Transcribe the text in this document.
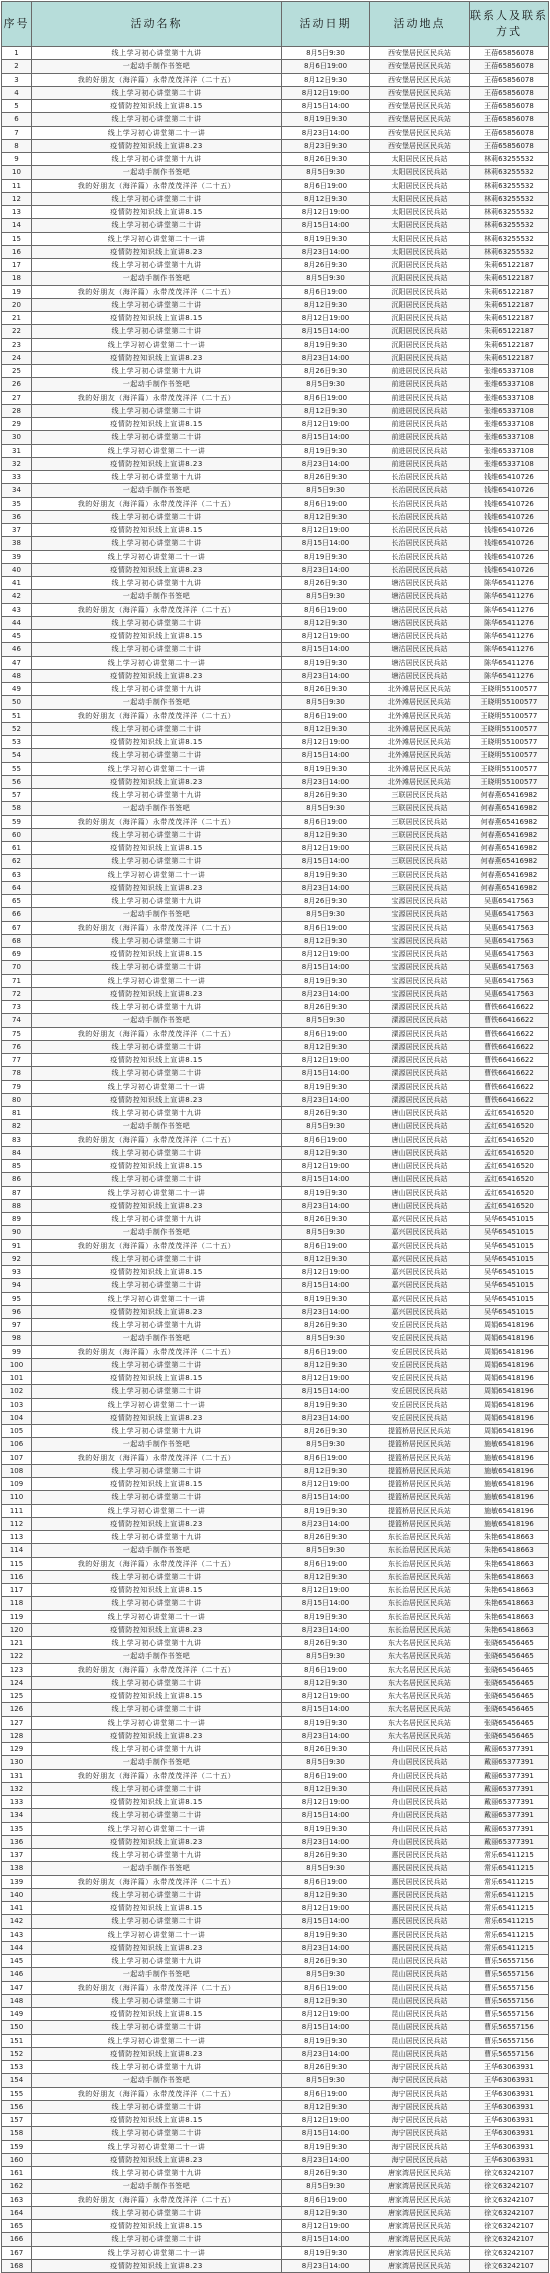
序号	活动名称	活动日期	活动地点	联系人及联系方式
1	线上学习初心讲堂第十九讲	8月5日9:30	西安堡居民区民兵站	王蓓65856078
2	一起动手制作书签吧	8月6日19:00	西安堡居民区民兵站	王蓓65856078
3	我的好朋友（海洋篇）永带茂茂洋洋（二十五）	8月12日9:30	西安堡居民区民兵站	王蓓65856078
4	线上学习初心讲堂第二十讲	8月12日19:00	西安堡居民区民兵站	王蓓65856078
5	疫情防控知识线上宣讲8.15	8月15日14:00	西安堡居民区民兵站	王蓓65856078
6	线上学习初心讲堂第二十讲	8月19日9:30	西安堡居民区民兵站	王蓓65856078
7	线上学习初心讲堂第二十一讲	8月23日14:00	西安堡居民区民兵站	王蓓65856078
8	疫情防控知识线上宣讲8.23	8月23日9:30	西安堡居民区民兵站	王蓓65856078
9	线上学习初心讲堂第十九讲	8月26日9:30	太阳居民区民兵站	林莉63255532
10	一起动手制作书签吧	8月5日9:30	太阳居民区民兵站	林莉63255532
11	我的好朋友（海洋篇）永带茂茂洋洋（二十五）	8月6日19:00	太阳居民区民兵站	林莉63255532
12	线上学习初心讲堂第二十讲	8月12日9:30	太阳居民区民兵站	林莉63255532
13	疫情防控知识线上宣讲8.15	8月12日19:00	太阳居民区民兵站	林莉63255532
14	线上学习初心讲堂第二十讲	8月15日14:00	太阳居民区民兵站	林莉63255532
15	线上学习初心讲堂第二十一讲	8月19日9:30	太阳居民区民兵站	林莉63255532
16	疫情防控知识线上宣讲8.23	8月23日14:00	太阳居民区民兵站	林莉63255532
17	线上学习初心讲堂第十九讲	8月26日9:30	沉阳居民区民兵站	朱莉65122187
18	一起动手制作书签吧	8月5日9:30	沉阳居民区民兵站	朱莉65122187
19	我的好朋友（海洋篇）永带茂茂洋洋（二十五）	8月6日19:00	沉阳居民区民兵站	朱莉65122187
20	线上学习初心讲堂第二十讲	8月12日9:30	沉阳居民区民兵站	朱莉65122187
21	疫情防控知识线上宣讲8.15	8月12日19:00	沉阳居民区民兵站	朱莉65122187
22	线上学习初心讲堂第二十讲	8月15日14:00	沉阳居民区民兵站	朱莉65122187
23	线上学习初心讲堂第二十一讲	8月19日9:30	沉阳居民区民兵站	朱莉65122187
24	疫情防控知识线上宣讲8.23	8月23日14:00	沉阳居民区民兵站	朱莉65122187
25	线上学习初心讲堂第十九讲	8月26日9:30	前进居民区民兵站	张维65337108
26	一起动手制作书签吧	8月5日9:30	前进居民区民兵站	张维65337108
27	我的好朋友（海洋篇）永带茂茂洋洋（二十五）	8月6日19:00	前进居民区民兵站	张维65337108
28	线上学习初心讲堂第二十讲	8月12日9:30	前进居民区民兵站	张维65337108
29	疫情防控知识线上宣讲8.15	8月12日19:00	前进居民区民兵站	张维65337108
30	线上学习初心讲堂第二十讲	8月15日14:00	前进居民区民兵站	张维65337108
31	线上学习初心讲堂第二十一讲	8月19日9:30	前进居民区民兵站	张维65337108
32	疫情防控知识线上宣讲8.23	8月23日14:00	前进居民区民兵站	张维65337108
33	线上学习初心讲堂第十九讲	8月26日9:30	长治居民区民兵站	钱维65410726
34	一起动手制作书签吧	8月5日9:30	长治居民区民兵站	钱维65410726
35	我的好朋友（海洋篇）永带茂茂洋洋（二十五）	8月6日19:00	长治居民区民兵站	钱维65410726
36	线上学习初心讲堂第二十讲	8月12日9:30	长治居民区民兵站	钱维65410726
37	疫情防控知识线上宣讲8.15	8月12日19:00	长治居民区民兵站	钱维65410726
38	线上学习初心讲堂第二十讲	8月15日14:00	长治居民区民兵站	钱维65410726
39	线上学习初心讲堂第二十一讲	8月19日9:30	长治居民区民兵站	钱维65410726
40	疫情防控知识线上宣讲8.23	8月23日14:00	长治居民区民兵站	钱维65410726
41	线上学习初心讲堂第十九讲	8月26日9:30	塘沽居民区民兵站	陈华65411276
42	一起动手制作书签吧	8月5日9:30	塘沽居民区民兵站	陈华65411276
43	我的好朋友（海洋篇）永带茂茂洋洋（二十五）	8月6日19:00	塘沽居民区民兵站	陈华65411276
44	线上学习初心讲堂第二十讲	8月12日9:30	塘沽居民区民兵站	陈华65411276
45	疫情防控知识线上宣讲8.15	8月12日19:00	塘沽居民区民兵站	陈华65411276
46	线上学习初心讲堂第二十讲	8月15日14:00	塘沽居民区民兵站	陈华65411276
47	线上学习初心讲堂第二十一讲	8月19日9:30	塘沽居民区民兵站	陈华65411276
48	疫情防控知识线上宣讲8.23	8月23日14:00	塘沽居民区民兵站	陈华65411276
49	线上学习初心讲堂第十九讲	8月26日9:30	北外滩居民区民兵站	王晓明55100577
50	一起动手制作书签吧	8月5日9:30	北外滩居民区民兵站	王晓明55100577
51	我的好朋友（海洋篇）永带茂茂洋洋（二十五）	8月6日19:00	北外滩居民区民兵站	王晓明55100577
52	线上学习初心讲堂第二十讲	8月12日9:30	北外滩居民区民兵站	王晓明55100577
53	疫情防控知识线上宣讲8.15	8月12日19:00	北外滩居民区民兵站	王晓明55100577
54	线上学习初心讲堂第二十讲	8月15日14:00	北外滩居民区民兵站	王晓明55100577
55	线上学习初心讲堂第二十一讲	8月19日9:30	北外滩居民区民兵站	王晓明55100577
56	疫情防控知识线上宣讲8.23	8月23日14:00	北外滩居民区民兵站	王晓明55100577
57	线上学习初心讲堂第十九讲	8月26日9:30	三联居民区民兵站	何春燕65416982
58	一起动手制作书签吧	8月5日9:30	三联居民区民兵站	何春燕65416982
59	我的好朋友（海洋篇）永带茂茂洋洋（二十五）	8月6日19:00	三联居民区民兵站	何春燕65416982
60	线上学习初心讲堂第二十讲	8月12日9:30	三联居民区民兵站	何春燕65416982
61	疫情防控知识线上宣讲8.15	8月12日19:00	三联居民区民兵站	何春燕65416982
62	线上学习初心讲堂第二十讲	8月15日14:00	三联居民区民兵站	何春燕65416982
63	线上学习初心讲堂第二十一讲	8月19日9:30	三联居民区民兵站	何春燕65416982
64	疫情防控知识线上宣讲8.23	8月23日14:00	三联居民区民兵站	何春燕65416982
65	线上学习初心讲堂第十九讲	8月26日9:30	宝源居民区民兵站	吴惠65417563
66	一起动手制作书签吧	8月5日9:30	宝源居民区民兵站	吴惠65417563
67	我的好朋友（海洋篇）永带茂茂洋洋（二十五）	8月6日19:00	宝源居民区民兵站	吴惠65417563
68	线上学习初心讲堂第二十讲	8月12日9:30	宝源居民区民兵站	吴惠65417563
69	疫情防控知识线上宣讲8.15	8月12日19:00	宝源居民区民兵站	吴惠65417563
70	线上学习初心讲堂第二十讲	8月15日14:00	宝源居民区民兵站	吴惠65417563
71	线上学习初心讲堂第二十一讲	8月19日9:30	宝源居民区民兵站	吴惠65417563
72	疫情防控知识线上宣讲8.23	8月23日14:00	宝源居民区民兵站	吴惠65417563
73	线上学习初心讲堂第十九讲	8月26日9:30	溧源居民区民兵站	曹铁66416622
74	一起动手制作书签吧	8月5日9:30	溧源居民区民兵站	曹铁66416622
75	我的好朋友（海洋篇）永带茂茂洋洋（二十五）	8月6日19:00	溧源居民区民兵站	曹铁66416622
76	线上学习初心讲堂第二十讲	8月12日9:30	溧源居民区民兵站	曹铁66416622
77	疫情防控知识线上宣讲8.15	8月12日19:00	溧源居民区民兵站	曹铁66416622
78	线上学习初心讲堂第二十讲	8月15日14:00	溧源居民区民兵站	曹铁66416622
79	线上学习初心讲堂第二十一讲	8月19日9:30	溧源居民区民兵站	曹铁66416622
80	疫情防控知识线上宣讲8.23	8月23日14:00	溧源居民区民兵站	曹铁66416622
81	线上学习初心讲堂第十九讲	8月26日9:30	唐山居民区民兵站	孟红65416520
82	一起动手制作书签吧	8月5日9:30	唐山居民区民兵站	孟红65416520
83	我的好朋友（海洋篇）永带茂茂洋洋（二十五）	8月6日19:00	唐山居民区民兵站	孟红65416520
84	线上学习初心讲堂第二十讲	8月12日9:30	唐山居民区民兵站	孟红65416520
85	疫情防控知识线上宣讲8.15	8月12日19:00	唐山居民区民兵站	孟红65416520
86	线上学习初心讲堂第二十讲	8月15日14:00	唐山居民区民兵站	孟红65416520
87	线上学习初心讲堂第二十一讲	8月19日9:30	唐山居民区民兵站	孟红65416520
88	疫情防控知识线上宣讲8.23	8月23日14:00	唐山居民区民兵站	孟红65416520
89	线上学习初心讲堂第十九讲	8月26日9:30	嘉兴居民区民兵站	吴华65451015
90	一起动手制作书签吧	8月5日9:30	嘉兴居民区民兵站	吴华65451015
91	我的好朋友（海洋篇）永带茂茂洋洋（二十五）	8月6日19:00	嘉兴居民区民兵站	吴华65451015
92	线上学习初心讲堂第二十讲	8月12日9:30	嘉兴居民区民兵站	吴华65451015
93	疫情防控知识线上宣讲8.15	8月12日19:00	嘉兴居民区民兵站	吴华65451015
94	线上学习初心讲堂第二十讲	8月15日14:00	嘉兴居民区民兵站	吴华65451015
95	线上学习初心讲堂第二十一讲	8月19日9:30	嘉兴居民区民兵站	吴华65451015
96	疫情防控知识线上宣讲8.23	8月23日14:00	嘉兴居民区民兵站	吴华65451015
97	线上学习初心讲堂第十九讲	8月26日9:30	安丘居民区民兵站	周娟65418196
98	一起动手制作书签吧	8月5日9:30	安丘居民区民兵站	周娟65418196
99	我的好朋友（海洋篇）永带茂茂洋洋（二十五）	8月6日19:00	安丘居民区民兵站	周娟65418196
100	线上学习初心讲堂第二十讲	8月12日9:30	安丘居民区民兵站	周娟65418196
101	疫情防控知识线上宣讲8.15	8月12日19:00	安丘居民区民兵站	周娟65418196
102	线上学习初心讲堂第二十讲	8月15日14:00	安丘居民区民兵站	周娟65418196
103	线上学习初心讲堂第二十一讲	8月19日9:30	安丘居民区民兵站	周娟65418196
104	疫情防控知识线上宣讲8.23	8月23日14:00	安丘居民区民兵站	周娟65418196
105	线上学习初心讲堂第十九讲	8月26日9:30	提篮桥居民区民兵站	周娟65418196
106	一起动手制作书签吧	8月5日9:30	提篮桥居民区民兵站	施敏65418196
107	我的好朋友（海洋篇）永带茂茂洋洋（二十五）	8月6日19:00	提篮桥居民区民兵站	施敏65418196
108	线上学习初心讲堂第二十讲	8月12日9:30	提篮桥居民区民兵站	施敏65418196
109	疫情防控知识线上宣讲8.15	8月12日19:00	提篮桥居民区民兵站	施敏65418196
110	线上学习初心讲堂第二十讲	8月15日14:00	提篮桥居民区民兵站	施敏65418196
111	线上学习初心讲堂第二十一讲	8月19日9:30	提篮桥居民区民兵站	施敏65418196
112	疫情防控知识线上宣讲8.23	8月23日14:00	提篮桥居民区民兵站	施敏65418196
113	线上学习初心讲堂第十九讲	8月26日9:30	东长治居民区民兵站	朱艳65418663
114	一起动手制作书签吧	8月5日9:30	东长治居民区民兵站	朱艳65418663
115	我的好朋友（海洋篇）永带茂茂洋洋（二十五）	8月6日19:00	东长治居民区民兵站	朱艳65418663
116	线上学习初心讲堂第二十讲	8月12日9:30	东长治居民区民兵站	朱艳65418663
117	疫情防控知识线上宣讲8.15	8月12日19:00	东长治居民区民兵站	朱艳65418663
118	线上学习初心讲堂第二十讲	8月15日14:00	东长治居民区民兵站	朱艳65418663
119	线上学习初心讲堂第二十一讲	8月19日9:30	东长治居民区民兵站	朱艳65418663
120	疫情防控知识线上宣讲8.23	8月23日14:00	东长治居民区民兵站	朱艳65418663
121	线上学习初心讲堂第十九讲	8月26日9:30	东大名居民区民兵站	张晓65456465
122	一起动手制作书签吧	8月5日9:30	东大名居民区民兵站	张晓65456465
123	我的好朋友（海洋篇）永带茂茂洋洋（二十五）	8月6日19:00	东大名居民区民兵站	张晓65456465
124	线上学习初心讲堂第二十讲	8月12日9:30	东大名居民区民兵站	张晓65456465
125	疫情防控知识线上宣讲8.15	8月12日19:00	东大名居民区民兵站	张晓65456465
126	线上学习初心讲堂第二十讲	8月15日14:00	东大名居民区民兵站	张晓65456465
127	线上学习初心讲堂第二十一讲	8月19日9:30	东大名居民区民兵站	张晓65456465
128	疫情防控知识线上宣讲8.23	8月23日14:00	东大名居民区民兵站	张晓65456465
129	线上学习初心讲堂第十九讲	8月26日9:30	舟山居民区民兵站	戴丽65377391
130	一起动手制作书签吧	8月5日9:30	舟山居民区民兵站	戴丽65377391
131	我的好朋友（海洋篇）永带茂茂洋洋（二十五）	8月6日19:00	舟山居民区民兵站	戴丽65377391
132	线上学习初心讲堂第二十讲	8月12日9:30	舟山居民区民兵站	戴丽65377391
133	疫情防控知识线上宣讲8.15	8月12日19:00	舟山居民区民兵站	戴丽65377391
134	线上学习初心讲堂第二十讲	8月15日14:00	舟山居民区民兵站	戴丽65377391
135	线上学习初心讲堂第二十一讲	8月19日9:30	舟山居民区民兵站	戴丽65377391
136	疫情防控知识线上宣讲8.23	8月23日14:00	舟山居民区民兵站	戴丽65377391
137	线上学习初心讲堂第十九讲	8月26日9:30	惠民居民区民兵站	常乐65411215
138	一起动手制作书签吧	8月5日9:30	惠民居民区民兵站	常乐65411215
139	我的好朋友（海洋篇）永带茂茂洋洋（二十五）	8月6日19:00	惠民居民区民兵站	常乐65411215
140	线上学习初心讲堂第二十讲	8月12日9:30	惠民居民区民兵站	常乐65411215
141	疫情防控知识线上宣讲8.15	8月12日19:00	惠民居民区民兵站	常乐65411215
142	线上学习初心讲堂第二十讲	8月15日14:00	惠民居民区民兵站	常乐65411215
143	线上学习初心讲堂第二十一讲	8月19日9:30	惠民居民区民兵站	常乐65411215
144	疫情防控知识线上宣讲8.23	8月23日14:00	惠民居民区民兵站	常乐65411215
145	线上学习初心讲堂第十九讲	8月26日9:30	昆山居民区民兵站	曹乐56557156
146	一起动手制作书签吧	8月5日9:30	昆山居民区民兵站	曹乐56557156
147	我的好朋友（海洋篇）永带茂茂洋洋（二十五）	8月6日19:00	昆山居民区民兵站	曹乐56557156
148	线上学习初心讲堂第二十讲	8月12日9:30	昆山居民区民兵站	曹乐56557156
149	疫情防控知识线上宣讲8.15	8月12日19:00	昆山居民区民兵站	曹乐56557156
150	线上学习初心讲堂第二十讲	8月15日14:00	昆山居民区民兵站	曹乐56557156
151	线上学习初心讲堂第二十一讲	8月19日9:30	昆山居民区民兵站	曹乐56557156
152	疫情防控知识线上宣讲8.23	8月23日14:00	昆山居民区民兵站	曹乐56557156
153	线上学习初心讲堂第十九讲	8月26日9:30	海宁居民区民兵站	王华63063931
154	一起动手制作书签吧	8月5日9:30	海宁居民区民兵站	王华63063931
155	我的好朋友（海洋篇）永带茂茂洋洋（二十五）	8月6日19:00	海宁居民区民兵站	王华63063931
156	线上学习初心讲堂第二十讲	8月12日9:30	海宁居民区民兵站	王华63063931
157	疫情防控知识线上宣讲8.15	8月12日19:00	海宁居民区民兵站	王华63063931
158	线上学习初心讲堂第二十讲	8月15日14:00	海宁居民区民兵站	王华63063931
159	线上学习初心讲堂第二十一讲	8月19日9:30	海宁居民区民兵站	王华63063931
160	疫情防控知识线上宣讲8.23	8月23日14:00	海宁居民区民兵站	王华63063931
161	线上学习初心讲堂第十九讲	8月26日9:30	唐家湾居民区民兵站	徐文63242107
162	一起动手制作书签吧	8月5日9:30	唐家湾居民区民兵站	徐文63242107
163	我的好朋友（海洋篇）永带茂茂洋洋（二十五）	8月6日19:00	唐家湾居民区民兵站	徐文63242107
164	线上学习初心讲堂第二十讲	8月12日9:30	唐家湾居民区民兵站	徐文63242107
165	疫情防控知识线上宣讲8.15	8月12日19:00	唐家湾居民区民兵站	徐文63242107
166	线上学习初心讲堂第二十讲	8月15日14:00	唐家湾居民区民兵站	徐文63242107
167	线上学习初心讲堂第二十一讲	8月19日9:30	唐家湾居民区民兵站	徐文63242107
168	疫情防控知识线上宣讲8.23	8月23日14:00	唐家湾居民区民兵站	徐文63242107
